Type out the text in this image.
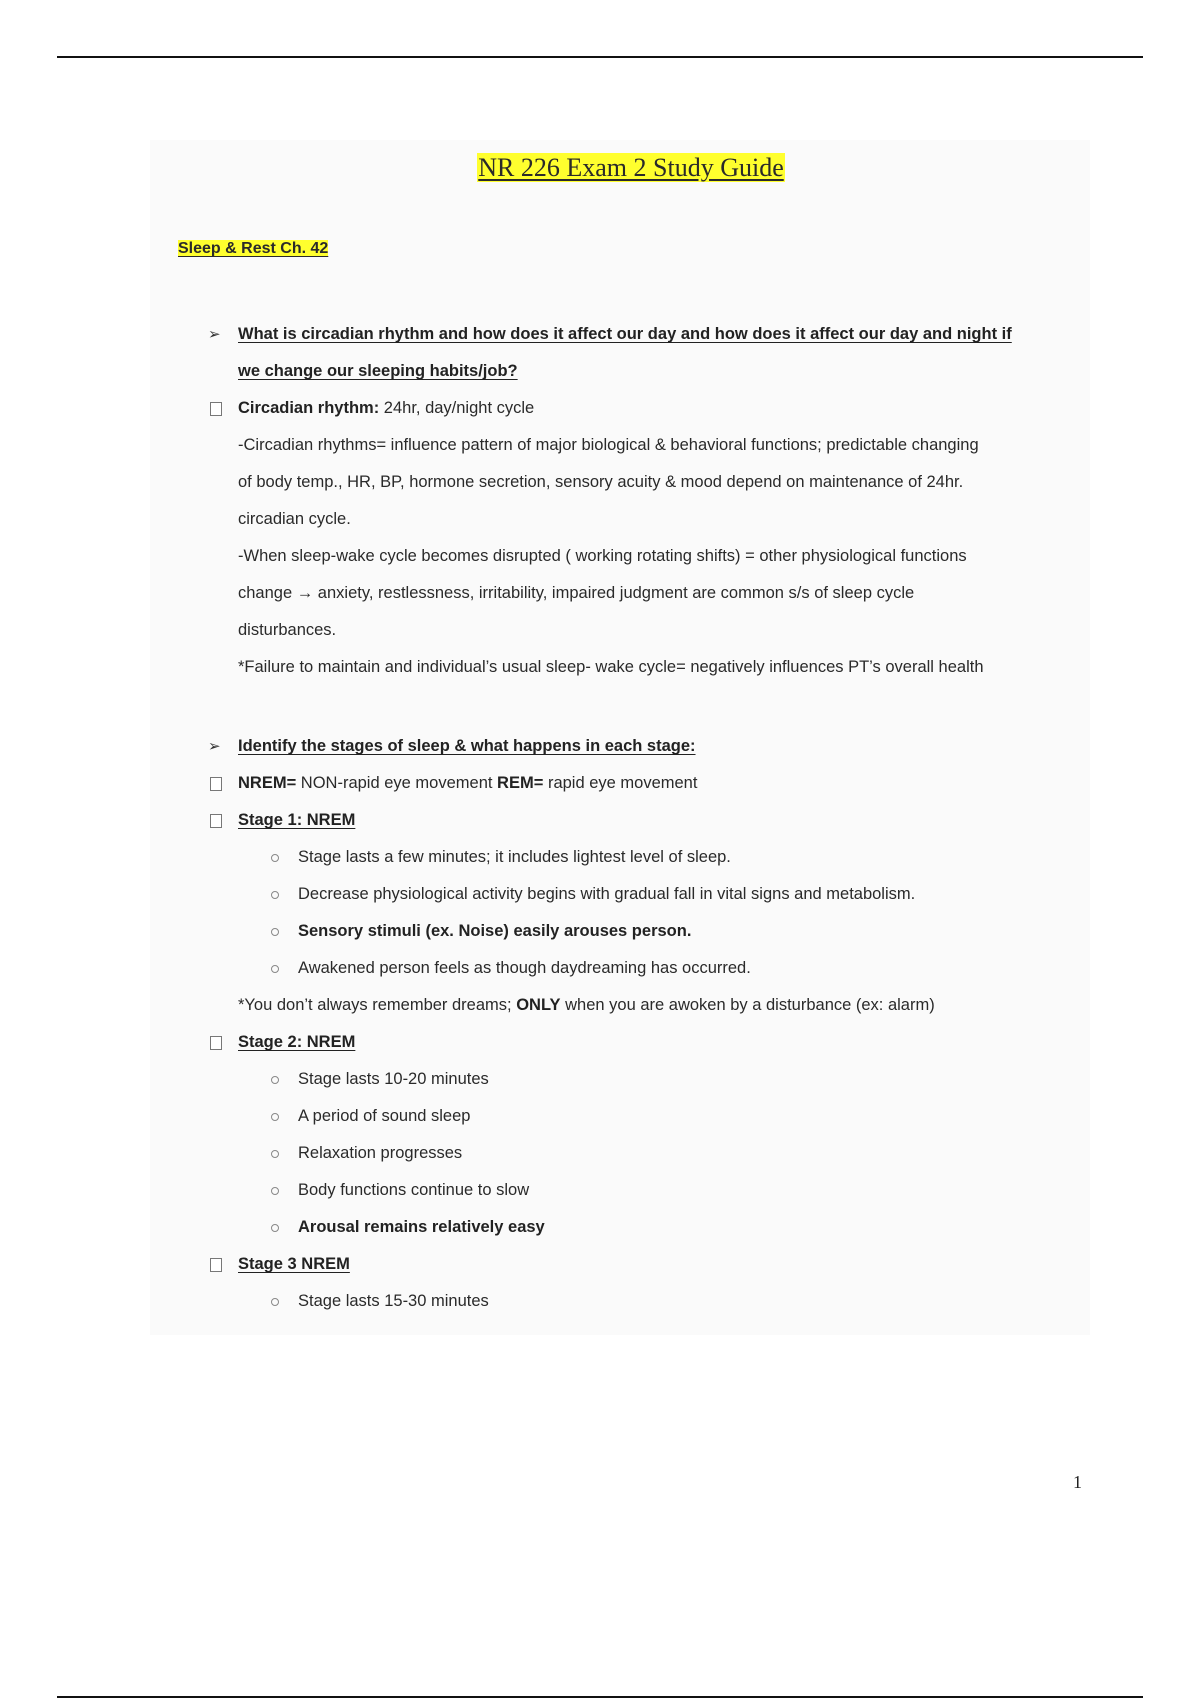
NR 226 Exam 2 Study Guide
Sleep & Rest Ch. 42
➢ What is circadian rhythm and how does it affect our day and how does it affect our day and night if
we change our sleeping habits/job?
Circadian rhythm: 24hr, day/night cycle
-Circadian rhythms= influence pattern of major biological & behavioral functions; predictable changing
of body temp., HR, BP, hormone secretion, sensory acuity & mood depend on maintenance of 24hr.
circadian cycle.
-When sleep-wake cycle becomes disrupted ( working rotating shifts) = other physiological functions
change → anxiety, restlessness, irritability, impaired judgment are common s/s of sleep cycle
disturbances.
*Failure to maintain and individual’s usual sleep- wake cycle= negatively influences PT’s overall health
➢ Identify the stages of sleep & what happens in each stage:
NREM= NON-rapid eye movement REM= rapid eye movement
Stage 1: NREM
Stage lasts a few minutes; it includes lightest level of sleep.
Decrease physiological activity begins with gradual fall in vital signs and metabolism.
Sensory stimuli (ex. Noise) easily arouses person.
Awakened person feels as though daydreaming has occurred.
*You don’t always remember dreams; ONLY when you are awoken by a disturbance (ex: alarm)
Stage 2: NREM
Stage lasts 10-20 minutes
A period of sound sleep
Relaxation progresses
Body functions continue to slow
Arousal remains relatively easy
Stage 3 NREM
Stage lasts 15-30 minutes
1
